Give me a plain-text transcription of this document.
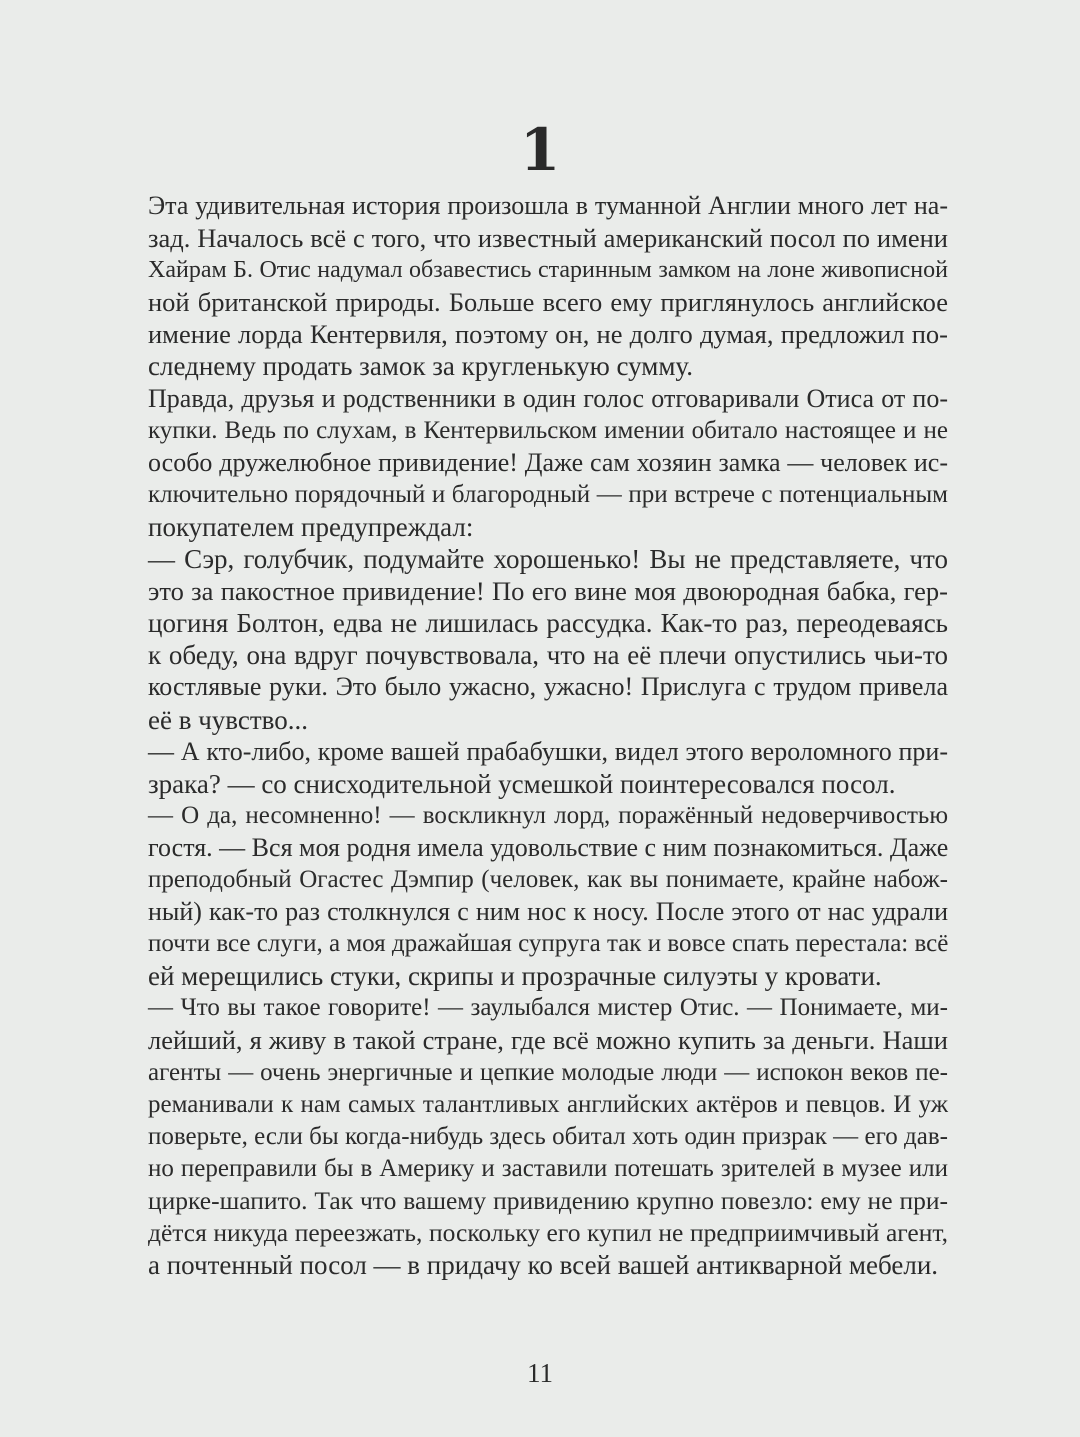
1
Эта удивительная история произошла в туманной Англии много лет на-
зад. Началось всё с того, что известный американский посол по имени
Хайрам Б. Отис надумал обзавестись старинным замком на лоне живописной
ной британской природы. Больше всего ему приглянулось английское
имение лорда Кентервиля, поэтому он, не долго думая, предложил по-
следнему продать замок за кругленькую сумму.
Правда, друзья и родственники в один голос отговаривали Отиса от по-
купки. Ведь по слухам, в Кентервильском имении обитало настоящее и не
особо дружелюбное привидение! Даже сам хозяин замка — человек ис-
ключительно порядочный и благородный — при встрече с потенциальным
покупателем предупреждал:
— Сэр, голубчик, подумайте хорошенько! Вы не представляете, что
это за пакостное привидение! По его вине моя двоюродная бабка, гер-
цогиня Болтон, едва не лишилась рассудка. Как-то раз, переодеваясь
к обеду, она вдруг почувствовала, что на её плечи опустились чьи-то
костлявые руки. Это было ужасно, ужасно! Прислуга с трудом привела
её в чувство...
— А кто-либо, кроме вашей прабабушки, видел этого вероломного при-
зрака? — со снисходительной усмешкой поинтересовался посол.
— О да, несомненно! — воскликнул лорд, поражённый недоверчивостью
гостя. — Вся моя родня имела удовольствие с ним познакомиться. Даже
преподобный Огастес Дэмпир (человек, как вы понимаете, крайне набож-
ный) как-то раз столкнулся с ним нос к носу. После этого от нас удрали
почти все слуги, а моя дражайшая супруга так и вовсе спать перестала: всё
ей мерещились стуки, скрипы и прозрачные силуэты у кровати.
— Что вы такое говорите! — заулыбался мистер Отис. — Понимаете, ми-
лейший, я живу в такой стране, где всё можно купить за деньги. Наши
агенты — очень энергичные и цепкие молодые люди — испокон веков пе-
реманивали к нам самых талантливых английских актёров и певцов. И уж
поверьте, если бы когда-нибудь здесь обитал хоть один призрак — его дав-
но переправили бы в Америку и заставили потешать зрителей в музее или
цирке-шапито. Так что вашему привидению крупно повезло: ему не при-
дётся никуда переезжать, поскольку его купил не предприимчивый агент,
а почтенный посол — в придачу ко всей вашей антикварной мебели.
11
